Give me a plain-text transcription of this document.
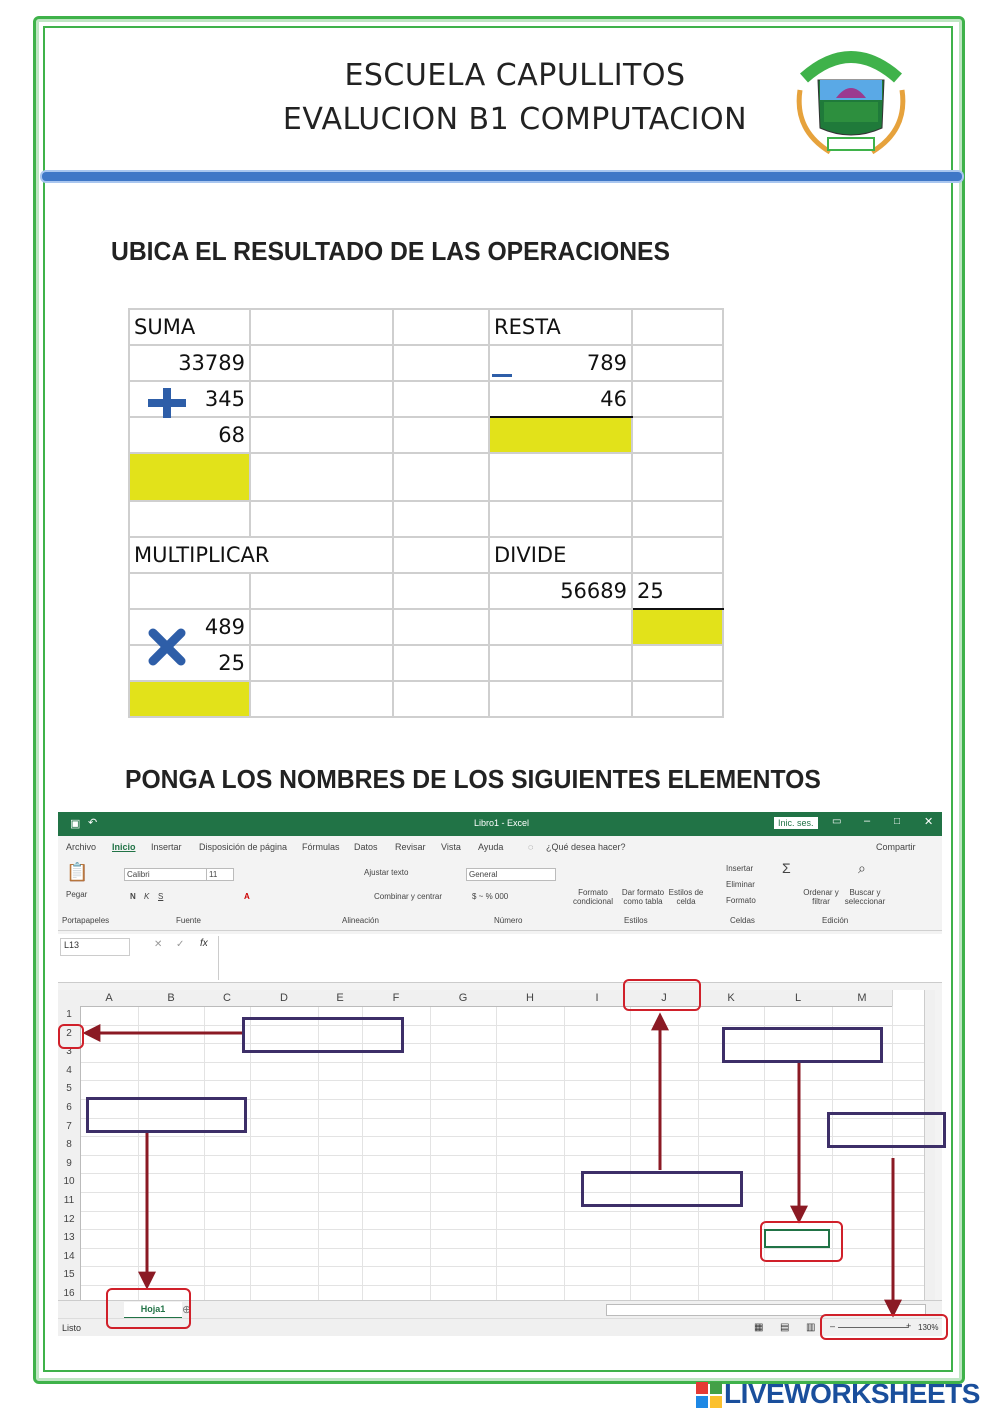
ESCUELA CAPULLITOS
EVALUCION B1 COMPUTACION
UBICA EL RESULTADO DE LAS OPERACIONES
SUMA			RESTA	
33789			789	

345			46	
68				

MULTIPLICAR			DIVIDE	
			56689	25

489				
25				

PONGA LOS NOMBRES DE LOS SIGUIENTES ELEMENTOS
▣ ↶	Libro1 - Excel	Inic. ses.	▭ – □ ✕
Archivo Inicio Insertar Disposición de página Fórmulas Datos Revisar Vista Ayuda	◌ ¿Qué desea hacer?	Compartir
📋
Pegar
Portapapeles
Calibri	11
N K S	A
Fuente
Ajustar texto
Combinar y centrar
Alineación
General
$ ~ % 000
Número
Formato condicional
Dar formato como tabla
Estilos de celda
Estilos
Insertar
Eliminar
Formato
Celdas
Σ
Ordenar y filtrar
Buscar y seleccionar
⌕
Edición
L13	✕ ✓ fx
A	B	C	D	E	F	G	H	I	J	K	L	M
1
2
3
4
5
6
7
8
9
10
11
12
13
14
15
16
Hoja1	⊕
Listo	▦ ▤ ▥ –	+ 130%
LIVEWORKSHEETS
